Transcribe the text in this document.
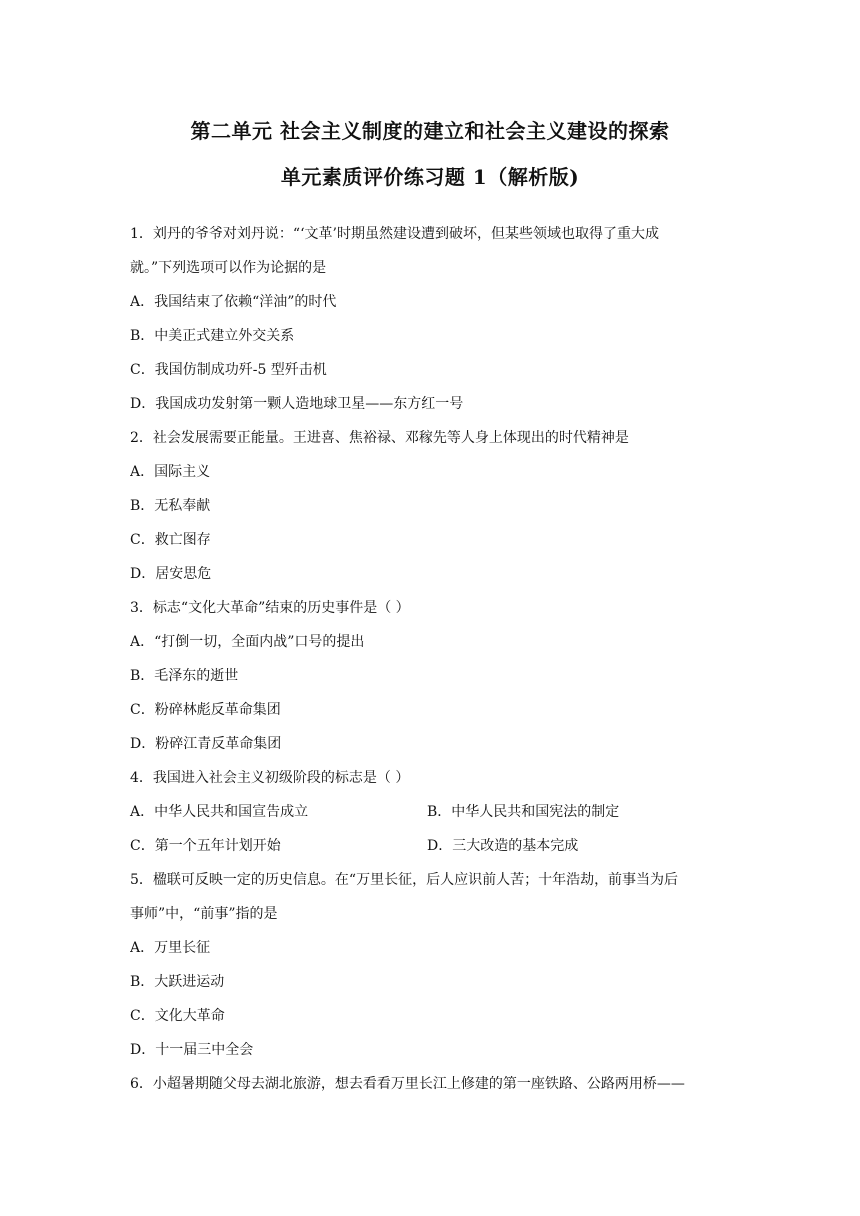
第二单元 社会主义制度的建立和社会主义建设的探索
单元素质评价练习题 1（解析版)
1．刘丹的爷爷对刘丹说：“‘文革’时期虽然建设遭到破坏，但某些领域也取得了重大成
就。”下列选项可以作为论据的是
A．我国结束了依赖“洋油”的时代
B．中美正式建立外交关系
C．我国仿制成功歼-5 型歼击机
D．我国成功发射第一颗人造地球卫星——东方红一号
2．社会发展需要正能量。王进喜、焦裕禄、邓稼先等人身上体现出的时代精神是
A．国际主义
B．无私奉献
C．救亡图存
D．居安思危
3．标志“文化大革命”结束的历史事件是（ ）
A．“打倒一切，全面内战”口号的提出
B．毛泽东的逝世
C．粉碎林彪反革命集团
D．粉碎江青反革命集团
4．我国进入社会主义初级阶段的标志是（ ）
A．中华人民共和国宣告成立	B．中华人民共和国宪法的制定
C．第一个五年计划开始	D．三大改造的基本完成
5．楹联可反映一定的历史信息。在“万里长征，后人应识前人苦；十年浩劫，前事当为后
事师”中，“前事”指的是
A．万里长征
B．大跃进运动
C．文化大革命
D．十一届三中全会
6．小超暑期随父母去湖北旅游，想去看看万里长江上修建的第一座铁路、公路两用桥——
